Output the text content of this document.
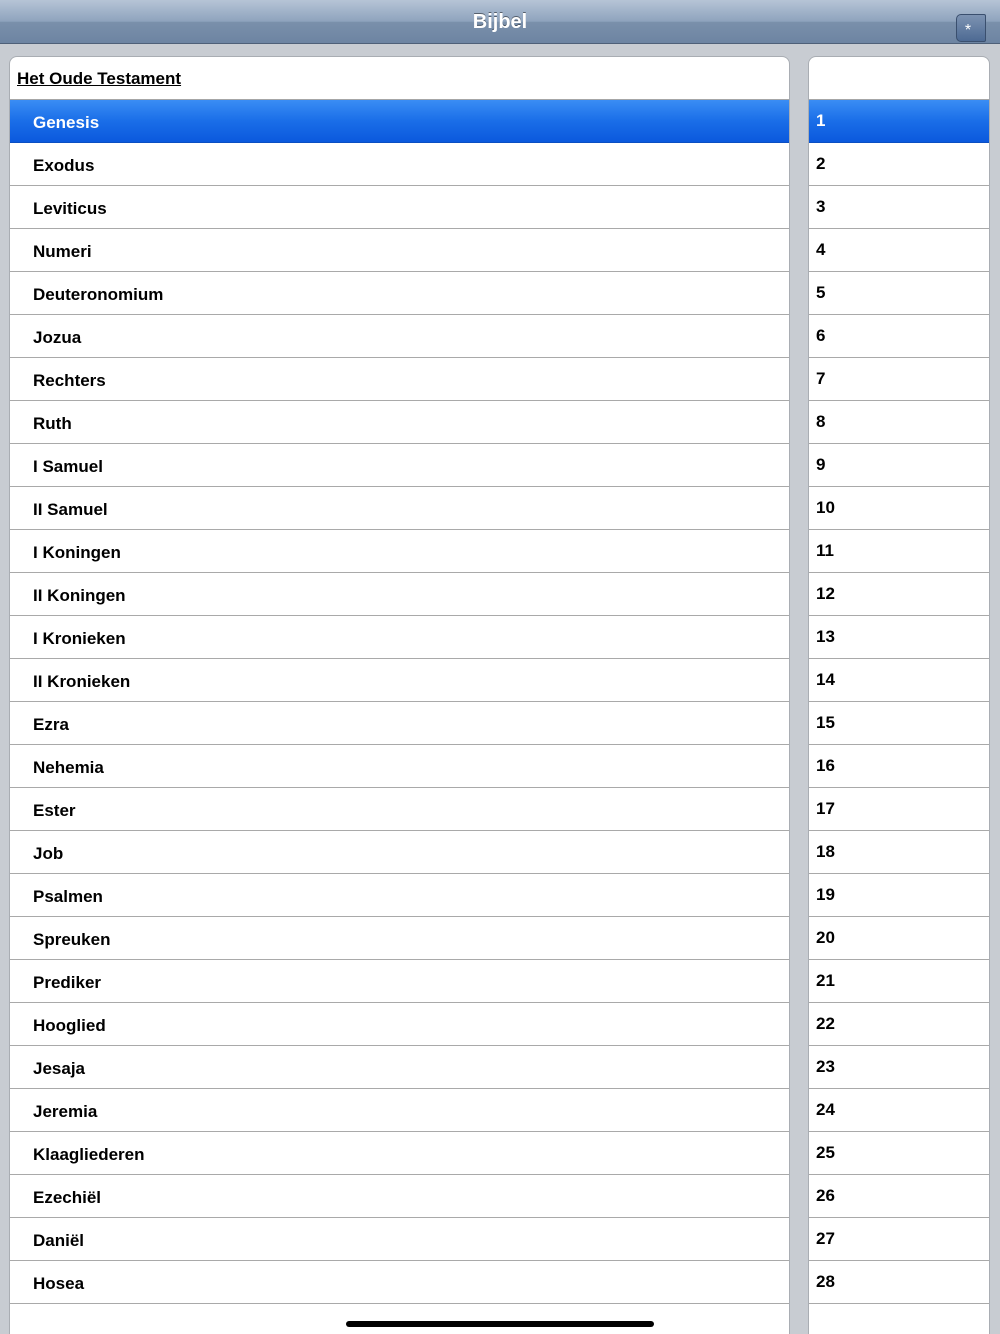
Bijbel	*
Het Oude Testament
Genesis
Exodus
Leviticus
Numeri
Deuteronomium
Jozua
Rechters
Ruth
I Samuel
II Samuel
I Koningen
II Koningen
I Kronieken
II Kronieken
Ezra
Nehemia
Ester
Job
Psalmen
Spreuken
Prediker
Hooglied
Jesaja
Jeremia
Klaagliederen
Ezechiël
Daniël
Hosea
1
2
3
4
5
6
7
8
9
10
11
12
13
14
15
16
17
18
19
20
21
22
23
24
25
26
27
28
